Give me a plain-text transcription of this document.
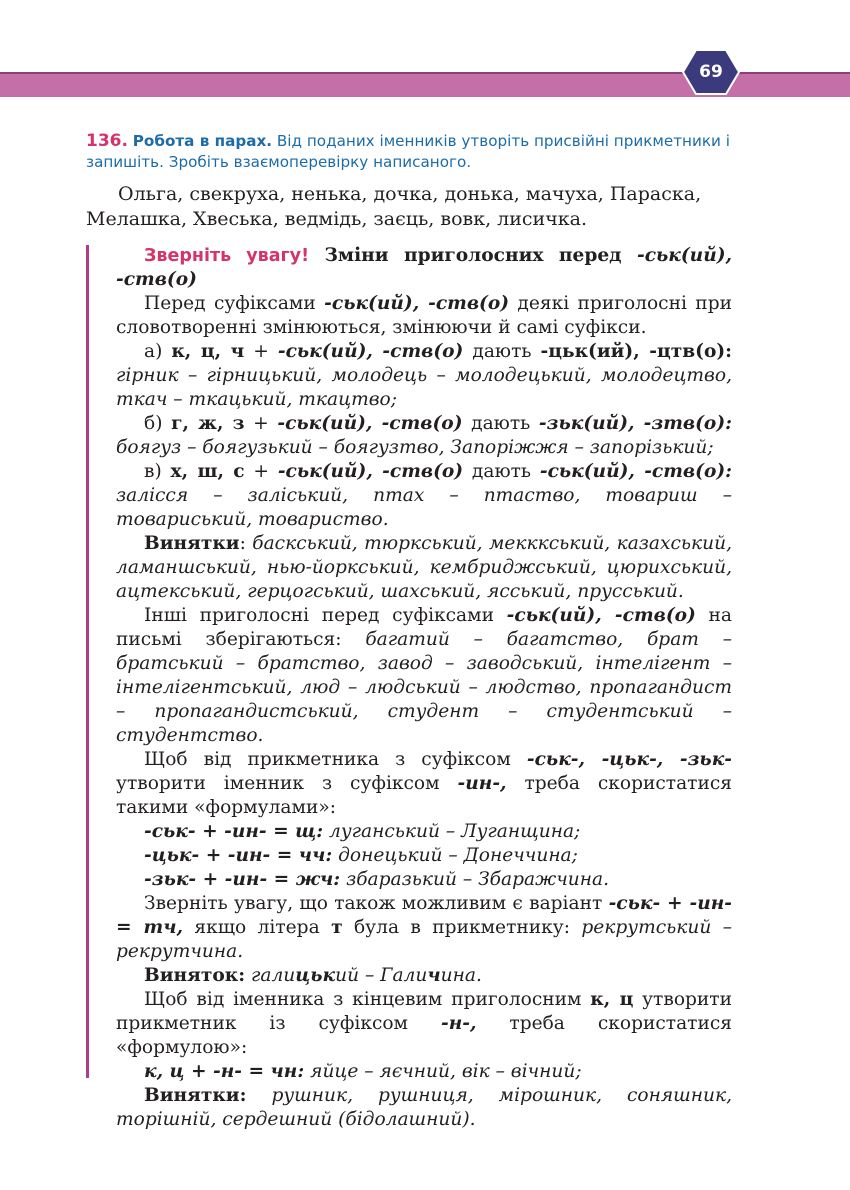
69
136. Робота в парах. Від поданих іменників утворіть присвійні прикметники і запишіть. Зробіть взаємоперевірку написаного.
Ольга, свекруха, ненька, дочка, донька, мачуха, Параска,
Мелашка, Хвеська, ведмідь, заєць, вовк, лисичка.

Зверніть увагу! Зміни приголосних перед -ськ(ий), -ств(о)

Перед суфіксами -ськ(ий), -ств(о) деякі приголосні при словотворенні змінюються, змінюючи й самі суфікси.

а) к, ц, ч + -ськ(ий), -ств(о) дають -цьк(ий), -цтв(о): гірник – гірницький, молодець – молодецький, молодецтво, ткач – ткацький, ткацтво;

б) г, ж, з + -ськ(ий), -ств(о) дають -зьк(ий), -зтв(о): боягуз – боягузький – боягузтво, Запоріжжя – запорізький;

в) х, ш, с + -ськ(ий), -ств(о) дають -ськ(ий), -ств(о): залісся – заліський, птах – птаство, товариш – товариський, товариство.

Винятки: баскський, тюркський, мекккський, казахський, ламаншський, нью-йоркський, кембриджський, цюрихський, ацтекський, герцогський, шахський, ясський, прусський.

Інші приголосні перед суфіксами -ськ(ий), -ств(о) на письмі зберігаються: багатий – багатство, брат – братський – братство, завод – заводський, інтелігент – інтелігентський, люд – людський – людство, пропагандист – пропагандистський, студент – студентський – студентство.

Щоб від прикметника з суфіксом -ськ-, -цьк-, -зьк- утворити іменник з суфіксом -ин-, треба скористатися такими «формулами»:

-ськ- + -ин- = щ: луганський – Луганщина;

-цьк- + -ин- = чч: донецький – Донеччина;

-зьк- + -ин- = жч: збаразький – Збаражчина.

Зверніть увагу, що також можливим є варіант -ськ- + -ин- = тч, якщо літера т була в прикметнику: рекрутський – рекрутчина.

Виняток: галицький – Галичина.

Щоб від іменника з кінцевим приголосним к, ц утворити прикметник із суфіксом -н-, треба скористатися «формулою»:

к, ц + -н- = чн: яйце – яєчний, вік – вічний;

Винятки: рушник, рушниця, мірошник, соняшник, торішній, сердешний (бідолашний).
